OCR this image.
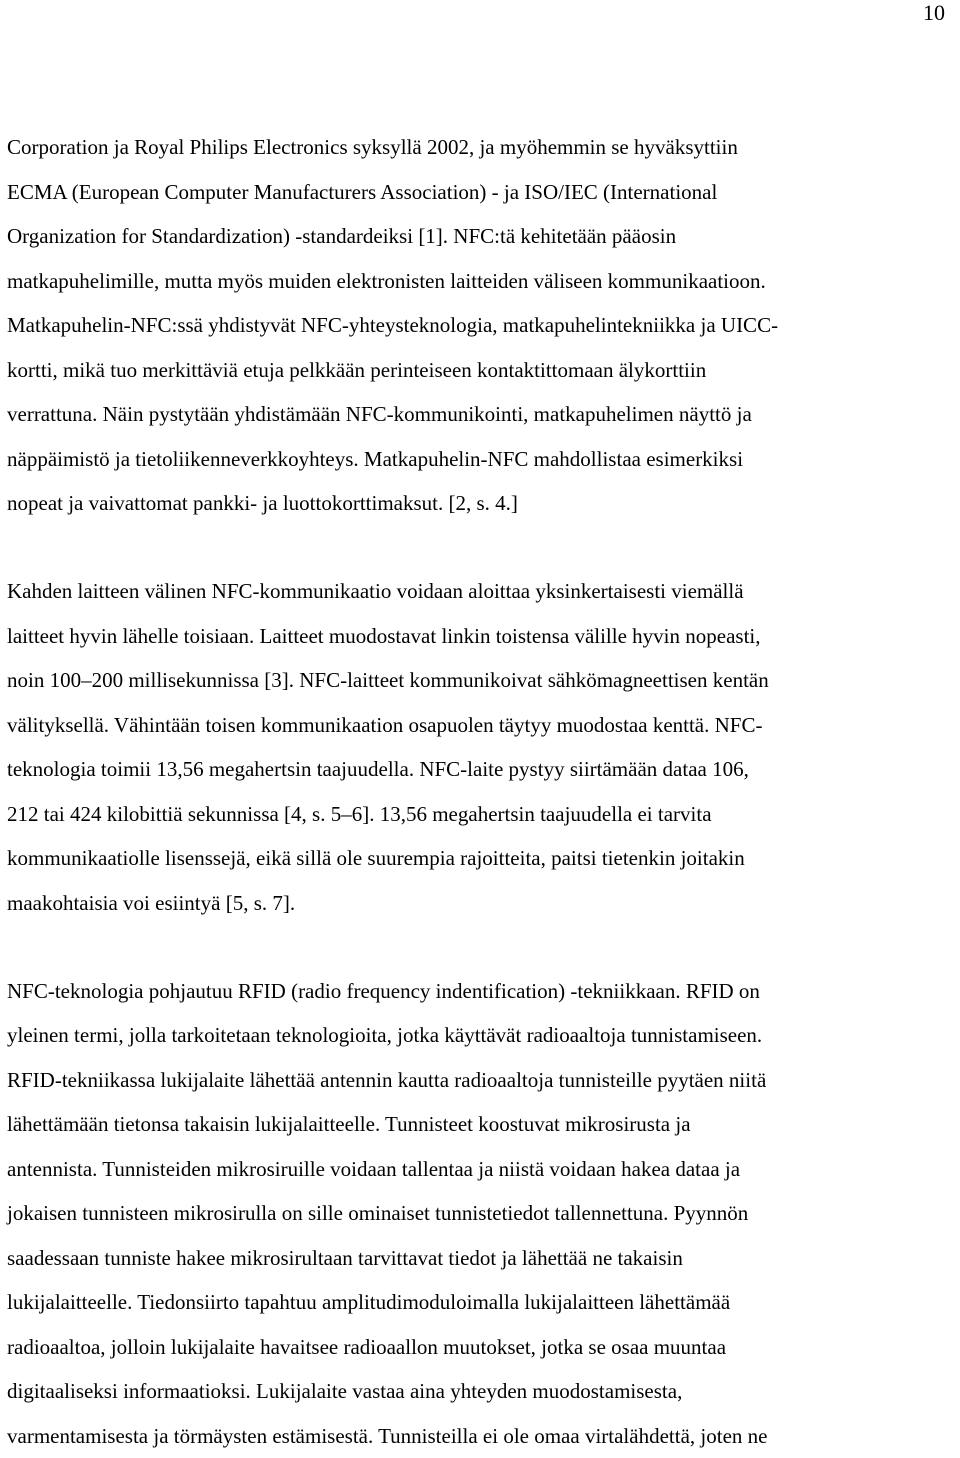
10
Corporation ja Royal Philips Electronics syksyllä 2002, ja myöhemmin se hyväksyttiin
ECMA (European Computer Manufacturers Association) - ja ISO/IEC (International
Organization for Standardization) -standardeiksi [1]. NFC:tä kehitetään pääosin
matkapuhelimille, mutta myös muiden elektronisten laitteiden väliseen kommunikaatioon.
Matkapuhelin-NFC:ssä yhdistyvät NFC-yhteysteknologia, matkapuhelintekniikka ja UICC-
kortti, mikä tuo merkittäviä etuja pelkkään perinteiseen kontaktittomaan älykorttiin
verrattuna. Näin pystytään yhdistämään NFC-kommunikointi, matkapuhelimen näyttö ja
näppäimistö ja tietoliikenneverkkoyhteys. Matkapuhelin-NFC mahdollistaa esimerkiksi
nopeat ja vaivattomat pankki- ja luottokorttimaksut. [2, s. 4.]
Kahden laitteen välinen NFC-kommunikaatio voidaan aloittaa yksinkertaisesti viemällä
laitteet hyvin lähelle toisiaan. Laitteet muodostavat linkin toistensa välille hyvin nopeasti,
noin 100–200 millisekunnissa [3]. NFC-laitteet kommunikoivat sähkömagneettisen kentän
välityksellä. Vähintään toisen kommunikaation osapuolen täytyy muodostaa kenttä. NFC-
teknologia toimii 13,56 megahertsin taajuudella. NFC-laite pystyy siirtämään dataa 106,
212 tai 424 kilobittiä sekunnissa [4, s. 5–6]. 13,56 megahertsin taajuudella ei tarvita
kommunikaatiolle lisenssejä, eikä sillä ole suurempia rajoitteita, paitsi tietenkin joitakin
maakohtaisia voi esiintyä [5, s. 7].
NFC-teknologia pohjautuu RFID (radio frequency indentification) -tekniikkaan. RFID on
yleinen termi, jolla tarkoitetaan teknologioita, jotka käyttävät radioaaltoja tunnistamiseen.
RFID-tekniikassa lukijalaite lähettää antennin kautta radioaaltoja tunnisteille pyytäen niitä
lähettämään tietonsa takaisin lukijalaitteelle. Tunnisteet koostuvat mikrosirusta ja
antennista. Tunnisteiden mikrosiruille voidaan tallentaa ja niistä voidaan hakea dataa ja
jokaisen tunnisteen mikrosirulla on sille ominaiset tunnistetiedot tallennettuna. Pyynnön
saadessaan tunniste hakee mikrosirultaan tarvittavat tiedot ja lähettää ne takaisin
lukijalaitteelle. Tiedonsiirto tapahtuu amplitudimoduloimalla lukijalaitteen lähettämää
radioaaltoa, jolloin lukijalaite havaitsee radioaallon muutokset, jotka se osaa muuntaa
digitaaliseksi informaatioksi. Lukijalaite vastaa aina yhteyden muodostamisesta,
varmentamisesta ja törmäysten estämisestä. Tunnisteilla ei ole omaa virtalähdettä, joten ne
